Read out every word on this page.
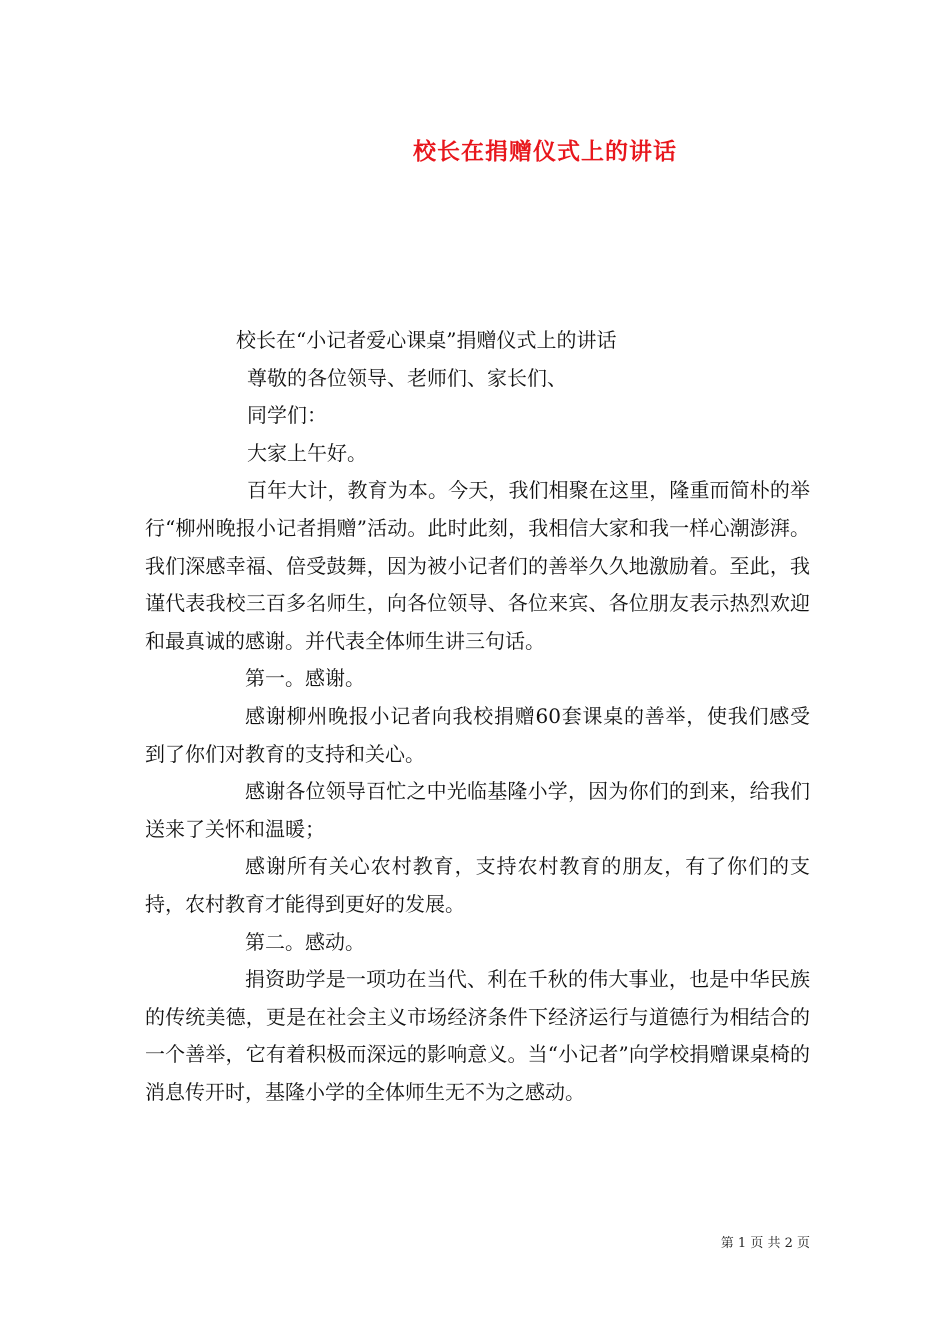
校长在捐赠仪式上的讲话

校长在“小记者爱心课桌”捐赠仪式上的讲话

尊敬的各位领导、老师们、家长们、

同学们：

大家上午好。

百年大计，教育为本。今天，我们相聚在这里，隆重而简朴的举行“柳州晚报小记者捐赠”活动。此时此刻，我相信大家和我一样心潮澎湃。我们深感幸福、倍受鼓舞，因为被小记者们的善举久久地激励着。至此，我谨代表我校三百多名师生，向各位领导、各位来宾、各位朋友表示热烈欢迎和最真诚的感谢。并代表全体师生讲三句话。

第一。感谢。

感谢柳州晚报小记者向我校捐赠60套课桌的善举，使我们感受到了你们对教育的支持和关心。

感谢各位领导百忙之中光临基隆小学，因为你们的到来，给我们送来了关怀和温暖；

感谢所有关心农村教育，支持农村教育的朋友，有了你们的支持，农村教育才能得到更好的发展。

第二。感动。

捐资助学是一项功在当代、利在千秋的伟大事业，也是中华民族的传统美德，更是在社会主义市场经济条件下经济运行与道德行为相结合的一个善举，它有着积极而深远的影响意义。当“小记者”向学校捐赠课桌椅的消息传开时，基隆小学的全体师生无不为之感动。

第 1 页 共 2 页
